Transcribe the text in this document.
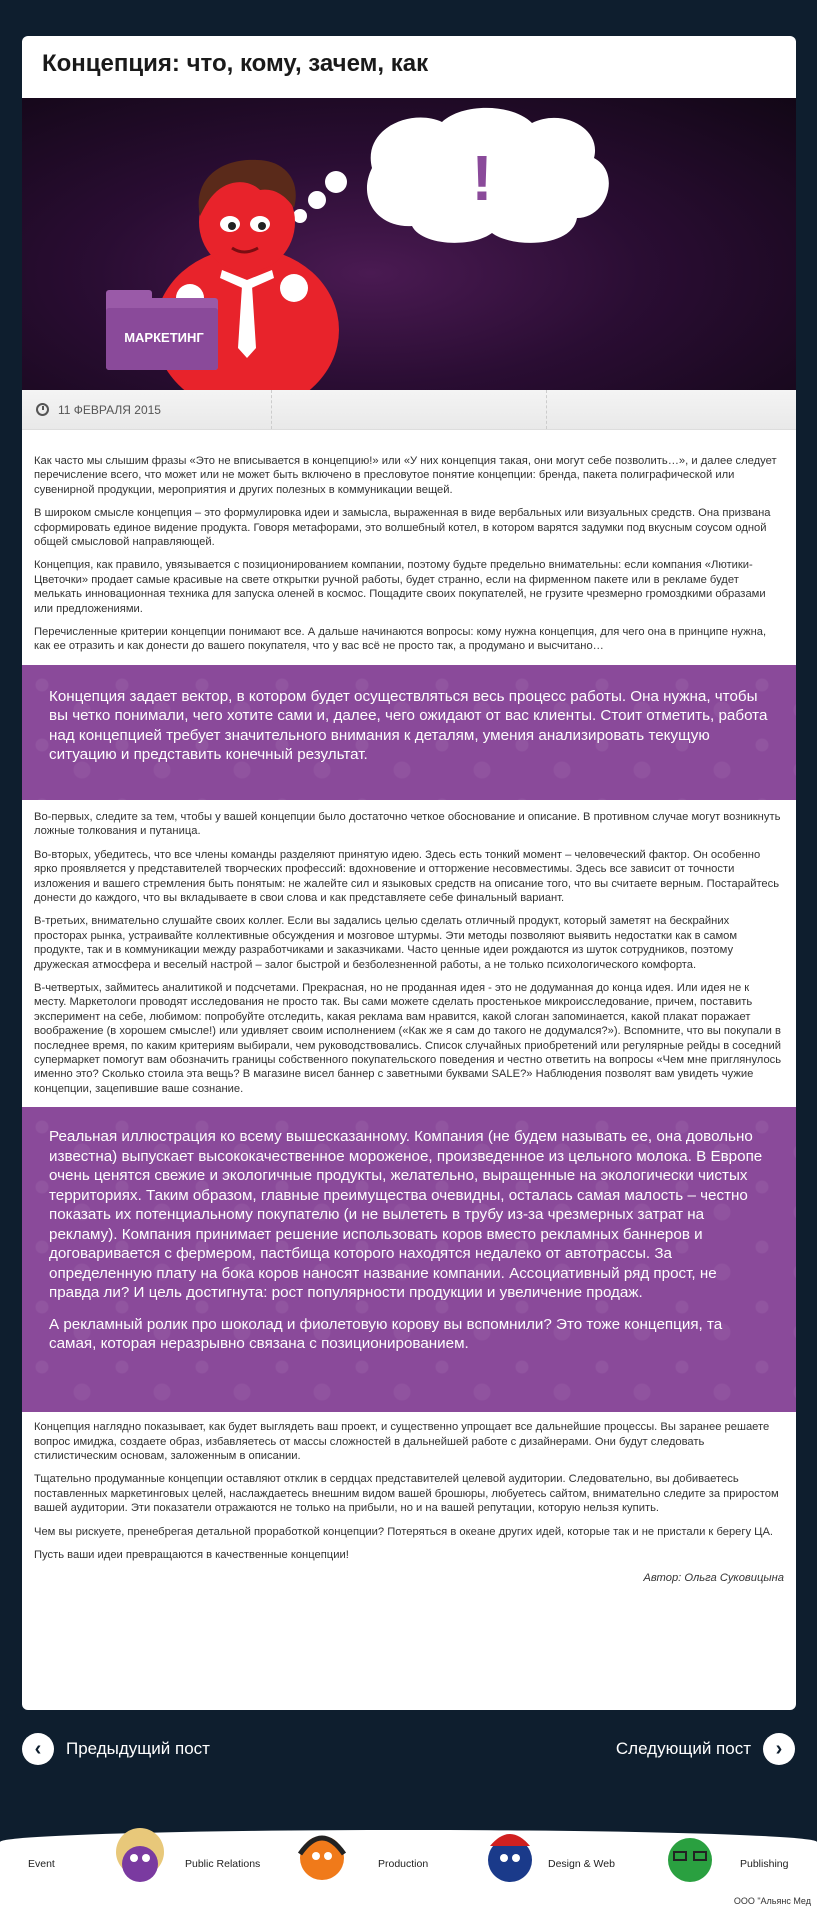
Концепция: что, кому, зачем, как
!
МАРКЕТИНГ
11 ФЕВРАЛЯ 2015

Как часто мы слышим фразы «Это не вписывается в концепцию!» или «У них концепция такая, они могут себе позволить…», и далее следует перечисление всего, что может или не может быть включено в пресловутое понятие концепции: бренда, пакета полиграфической или сувенирной продукции, мероприятия и других полезных в коммуникации вещей.

В широком смысле концепция – это формулировка идеи и замысла, выраженная в виде вербальных или визуальных средств. Она призвана сформировать единое видение продукта. Говоря метафорами, это волшебный котел, в котором варятся задумки под вкусным соусом одной общей смысловой направляющей.

Концепция, как правило, увязывается с позиционированием компании, поэтому будьте предельно внимательны: если компания «Лютики-Цветочки» продает самые красивые на свете открытки ручной работы, будет странно, если на фирменном пакете или в рекламе будет мелькать инновационная техника для запуска оленей в космос. Пощадите своих покупателей, не грузите чрезмерно громоздкими образами или предложениями.

Перечисленные критерии концепции понимают все. А дальше начинаются вопросы: кому нужна концепция, для чего она в принципе нужна, как ее отразить и как донести до вашего покупателя, что у вас всё не просто так, а продумано и высчитано…

Концепция задает вектор, в котором будет осуществляться весь процесс работы. Она нужна, чтобы вы четко понимали, чего хотите сами и, далее, чего ожидают от вас клиенты. Стоит отметить, работа над концепцией требует значительного внимания к деталям, умения анализировать текущую ситуацию и представить конечный результат.

Во-первых, следите за тем, чтобы у вашей концепции было достаточно четкое обоснование и описание. В противном случае могут возникнуть ложные толкования и путаница.

Во-вторых, убедитесь, что все члены команды разделяют принятую идею. Здесь есть тонкий момент – человеческий фактор. Он особенно ярко проявляется у представителей творческих профессий: вдохновение и отторжение несовместимы. Здесь все зависит от точности изложения и вашего стремления быть понятым: не жалейте сил и языковых средств на описание того, что вы считаете верным. Постарайтесь донести до каждого, что вы вкладываете в свои слова и как представляете себе финальный вариант.

В-третьих, внимательно слушайте своих коллег. Если вы задались целью сделать отличный продукт, который заметят на бескрайних просторах рынка, устраивайте коллективные обсуждения и мозговое штурмы. Эти методы позволяют выявить недостатки как в самом продукте, так и в коммуникации между разработчиками и заказчиками. Часто ценные идеи рождаются из шуток сотрудников, поэтому дружеская атмосфера и веселый настрой – залог быстрой и безболезненной работы, а не только психологического комфорта.

В-четвертых, займитесь аналитикой и подсчетами. Прекрасная, но не проданная идея - это не додуманная до конца идея. Или идея не к месту. Маркетологи проводят исследования не просто так. Вы сами можете сделать простенькое микроисследование, причем, поставить эксперимент на себе, любимом: попробуйте отследить, какая реклама вам нравится, какой слоган запоминается, какой плакат поражает воображение (в хорошем смысле!) или удивляет своим исполнением («Как же я сам до такого не додумался?»). Вспомните, что вы покупали в последнее время, по каким критериям выбирали, чем руководствовались. Список случайных приобретений или регулярные рейды в соседний супермаркет помогут вам обозначить границы собственного покупательского поведения и честно ответить на вопросы «Чем мне приглянулось именно это? Сколько стоила эта вещь? В магазине висел баннер с заветными буквами SALE?» Наблюдения позволят вам увидеть чужие концепции, зацепившие ваше сознание.

Реальная иллюстрация ко всему вышесказанному. Компания (не будем называть ее, она довольно известна) выпускает высококачественное мороженое, произведенное из цельного молока. В Европе очень ценятся свежие и экологичные продукты, желательно, выращенные на экологически чистых территориях. Таким образом, главные преимущества очевидны, осталась самая малость – честно показать их потенциальному покупателю (и не вылететь в трубу из-за чрезмерных затрат на рекламу). Компания принимает решение использовать коров вместо рекламных баннеров и договаривается с фермером, пастбища которого находятся недалеко от автотрассы. За определенную плату на бока коров наносят название компании. Ассоциативный ряд прост, не правда ли? И цель достигнута: рост популярности продукции и увеличение продаж.

А рекламный ролик про шоколад и фиолетовую корову вы вспомнили? Это тоже концепция, та самая, которая неразрывно связана с позиционированием.

Концепция наглядно показывает, как будет выглядеть ваш проект, и существенно упрощает все дальнейшие процессы. Вы заранее решаете вопрос имиджа, создаете образ, избавляетесь от массы сложностей в дальнейшей работе с дизайнерами. Они будут следовать стилистическим основам, заложенным в описании.

Тщательно продуманные концепции оставляют отклик в сердцах представителей целевой аудитории. Следовательно, вы добиваетесь поставленных маркетинговых целей, наслаждаетесь внешним видом вашей брошюры, любуетесь сайтом, внимательно следите за приростом вашей аудитории. Эти показатели отражаются не только на прибыли, но и на вашей репутации, которую нельзя купить.

Чем вы рискуете, пренебрегая детальной проработкой концепции? Потеряться в океане других идей, которые так и не пристали к берегу ЦА.

Пусть ваши идеи превращаются в качественные концепции!

Автор: Ольга Суковицына

‹	Предыдущий пост	Следующий пост	›
Event	Public Relations	Production	Design & Web	Publishing
ООО "Альянс Мед
